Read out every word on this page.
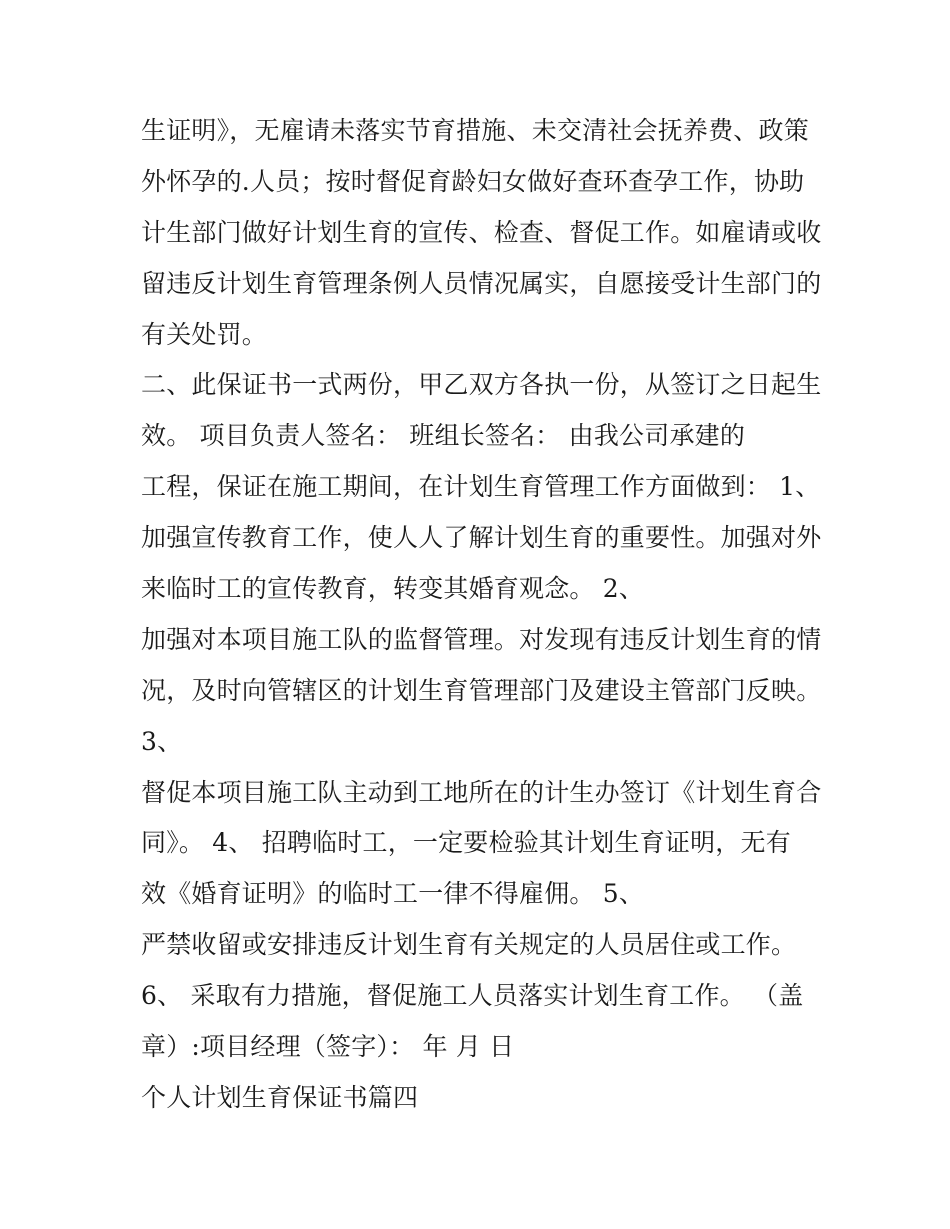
生证明》，无雇请未落实节育措施、未交清社会抚养费、政策
外怀孕的.人员；按时督促育龄妇女做好查环查孕工作，协助
计生部门做好计划生育的宣传、检查、督促工作。如雇请或收
留违反计划生育管理条例人员情况属实，自愿接受计生部门的
有关处罚。
二、此保证书一式两份，甲乙双方各执一份，从签订之日起生
效。 项目负责人签名： 班组长签名： 由我公司承建的
工程，保证在施工期间，在计划生育管理工作方面做到： 1、
加强宣传教育工作，使人人了解计划生育的重要性。加强对外
来临时工的宣传教育，转变其婚育观念。 2、
加强对本项目施工队的监督管理。对发现有违反计划生育的情
况，及时向管辖区的计划生育管理部门及建设主管部门反映。
3、
督促本项目施工队主动到工地所在的计生办签订《计划生育合
同》。 4、 招聘临时工，一定要检验其计划生育证明，无有
效《婚育证明》的临时工一律不得雇佣。 5、
严禁收留或安排违反计划生育有关规定的人员居住或工作。
6、 采取有力措施，督促施工人员落实计划生育工作。 （盖
章）:项目经理（签字）： 年 月 日
个人计划生育保证书篇四
